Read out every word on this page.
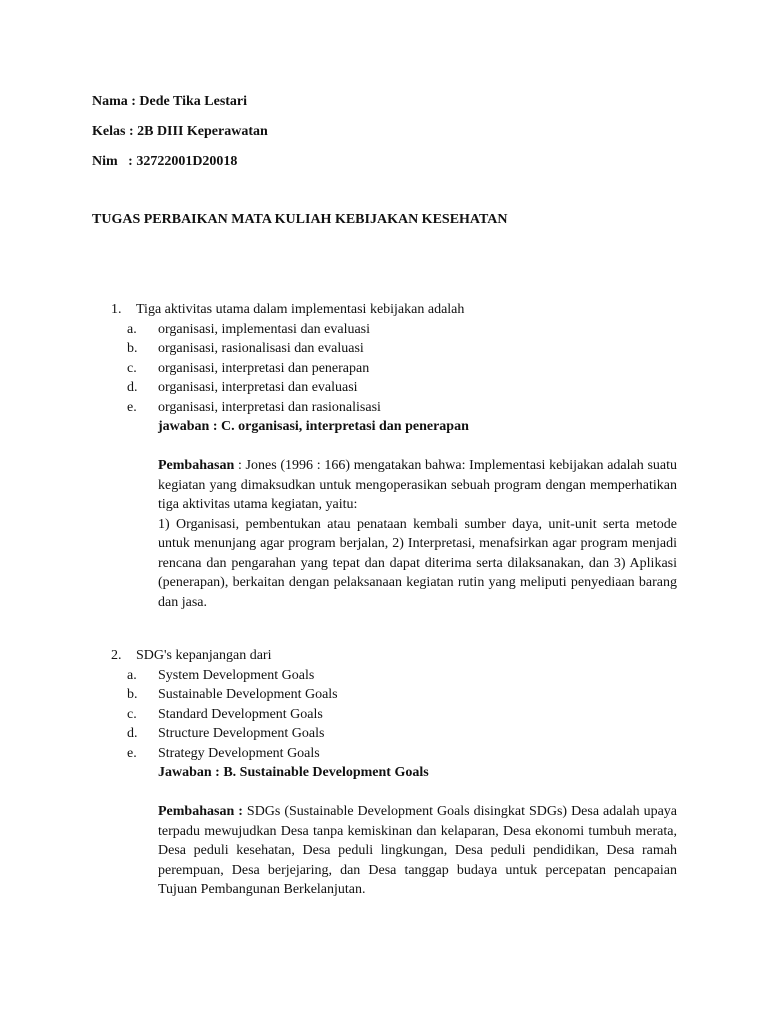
Nama : Dede Tika Lestari

Kelas : 2B DIII Keperawatan

Nim   : 32722001D20018

TUGAS PERBAIKAN MATA KULIAH KEBIJAKAN KESEHATAN

1.	Tiga aktivitas utama dalam implementasi kebijakan adalah
a.	organisasi, implementasi dan evaluasi
b.	organisasi, rasionalisasi dan evaluasi
c.	organisasi, interpretasi dan penerapan
d.	organisasi, interpretasi dan evaluasi
e.	organisasi, interpretasi dan rasionalisasi
jawaban : C. organisasi, interpretasi dan penerapan

Pembahasan : Jones (1996 : 166) mengatakan bahwa: Implementasi kebijakan adalah suatu kegiatan yang dimaksudkan untuk mengoperasikan sebuah program dengan memperhatikan tiga aktivitas utama kegiatan, yaitu:

1) Organisasi, pembentukan atau penataan kembali sumber daya, unit-unit serta metode untuk menunjang agar program berjalan, 2) Interpretasi, menafsirkan agar program menjadi rencana dan pengarahan yang tepat dan dapat diterima serta dilaksanakan, dan 3) Aplikasi (penerapan), berkaitan dengan pelaksanaan kegiatan rutin yang meliputi penyediaan barang dan jasa.

2.	SDG's kepanjangan dari
a.	System Development Goals
b.	Sustainable Development Goals
c.	Standard Development Goals
d.	Structure Development Goals
e.	Strategy Development Goals
Jawaban : B. Sustainable Development Goals

Pembahasan : SDGs (Sustainable Development Goals disingkat SDGs) Desa adalah upaya terpadu mewujudkan Desa tanpa kemiskinan dan kelaparan, Desa ekonomi tumbuh merata, Desa peduli kesehatan, Desa peduli lingkungan, Desa peduli pendidikan, Desa ramah perempuan, Desa berjejaring, dan Desa tanggap budaya untuk percepatan pencapaian Tujuan Pembangunan Berkelanjutan.
